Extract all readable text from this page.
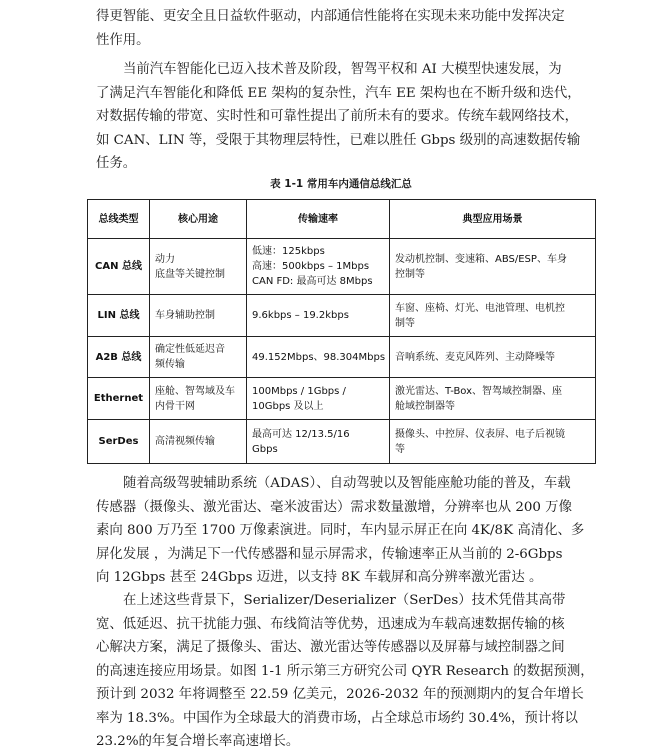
得更智能、更安全且日益软件驱动，内部通信性能将在实现未来功能中发挥决定
性作用。
当前汽车智能化已迈入技术普及阶段，智驾平权和 AI 大模型快速发展，为
了满足汽车智能化和降低 EE 架构的复杂性，汽车 EE 架构也在不断升级和迭代，
对数据传输的带宽、实时性和可靠性提出了前所未有的要求。传统车载网络技术，
如 CAN、LIN 等，受限于其物理层特性，已难以胜任 Gbps 级别的高速数据传输
任务。
表 1-1 常用车内通信总线汇总
总线类型	核心用途	传输速率	典型应用场景
CAN 总线	动力
底盘等关键控制	低速：125kbps
高速：500kbps – 1Mbps
CAN FD: 最高可达 8Mbps	发动机控制、变速箱、ABS/ESP、车身
控制等

LIN 总线	车身辅助控制	9.6kbps – 19.2kbps	车窗、座椅、灯光、电池管理、电机控
制等

A2B 总线	确定性低延迟音
频传输	49.152Mbps、98.304Mbps	音响系统、麦克风阵列、主动降噪等

Ethernet	座舱、智驾域及车
内骨干网	100Mbps / 1Gbps /
10Gbps 及以上	激光雷达、T-Box、智驾域控制器、座
舱域控制器等

SerDes	高清视频传输	最高可达 12/13.5/16
Gbps	摄像头、中控屏、仪表屏、电子后视镜
等
随着高级驾驶辅助系统（ADAS）、自动驾驶以及智能座舱功能的普及，车载
传感器（摄像头、激光雷达、毫米波雷达）需求数量激增，分辨率也从 200 万像
素向 800 万乃至 1700 万像素演进。同时，车内显示屏正在向 4K/8K 高清化、多
屏化发展 ，为满足下一代传感器和显示屏需求，传输速率正从当前的 2-6Gbps
向 12Gbps 甚至 24Gbps 迈进，以支持 8K 车载屏和高分辨率激光雷达 。
在上述这些背景下，Serializer/Deserializer（SerDes）技术凭借其高带
宽、低延迟、抗干扰能力强、布线简洁等优势，迅速成为车载高速数据传输的核
心解决方案，满足了摄像头、雷达、激光雷达等传感器以及屏幕与域控制器之间
的高速连接应用场景。如图 1-1 所示第三方研究公司 QYR Research 的数据预测，
预计到 2032 年将调整至 22.59 亿美元，2026-2032 年的预测期内的复合年增长
率为 18.3%。中国作为全球最大的消费市场，占全球总市场约 30.4%，预计将以
23.2%的年复合增长率高速增长。
